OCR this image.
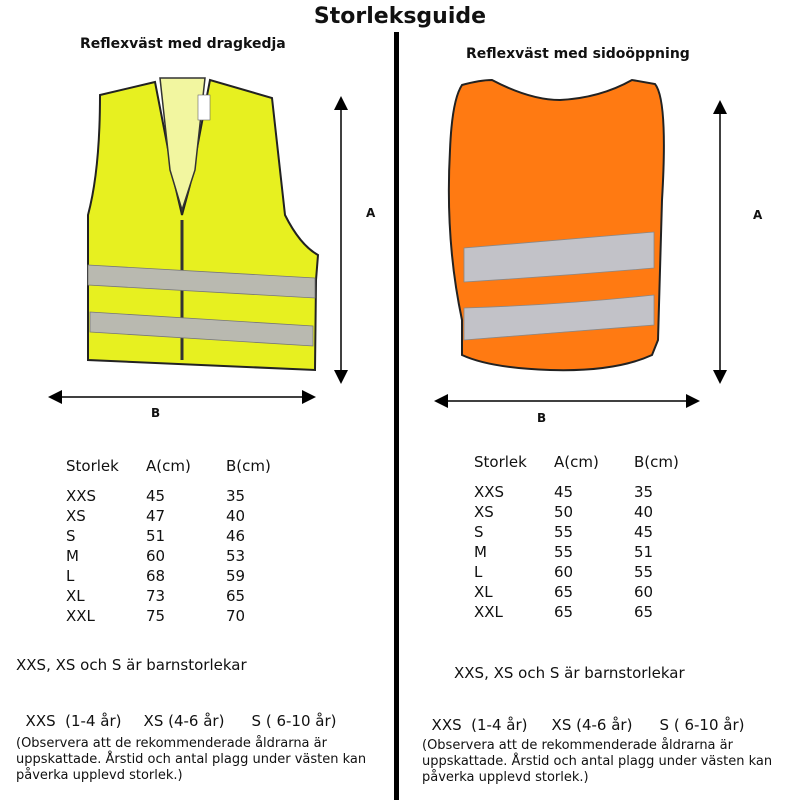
Storleksguide
Reflexväst med dragkedja
A
B
Storlek	A(cm)	B(cm)
XXS	45	35
XS	47	40
S	51	46
M	60	53
L	68	59
XL	73	65
XXL	75	70
XXS, XS och S är barnstorlekar

XXS  (1-4 år) XS (4-6 år) S ( 6-10 år)

(Observera att de rekommenderade åldrarna är uppskattade. Årstid och antal plagg under västen kan påverka upplevd storlek.)
Reflexväst med sidoöppning
A
B
Storlek	A(cm)	B(cm)
XXS	45	35
XS	50	40
S	55	45
M	55	51
L	60	55
XL	65	60
XXL	65	65
XXS, XS och S är barnstorlekar

XXS  (1-4 år) XS (4-6 år) S ( 6-10 år)

(Observera att de rekommenderade åldrarna är uppskattade. Årstid och antal plagg under västen kan påverka upplevd storlek.)
